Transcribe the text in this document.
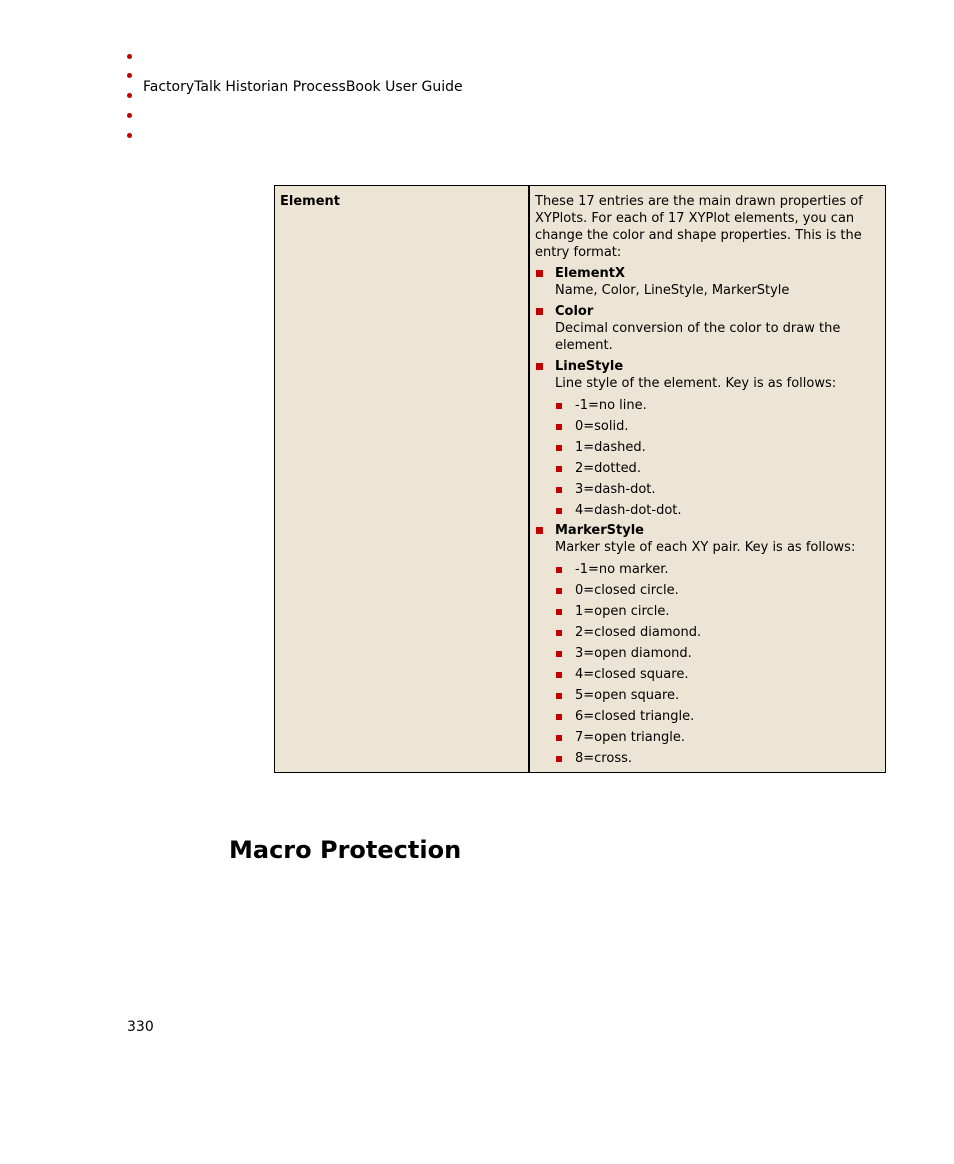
FactoryTalk Historian ProcessBook User Guide
Element	These 17 entries are the main drawn properties of XYPlots. For each of 17 XYPlot elements, you can change the color and shape properties. This is the entry format:
ElementX
Name, Color, LineStyle, MarkerStyle
Color
Decimal conversion of the color to draw the element.
LineStyle
Line style of the element. Key is as follows:
-1=no line.
0=solid.
1=dashed.
2=dotted.
3=dash-dot.
4=dash-dot-dot.
MarkerStyle
Marker style of each XY pair. Key is as follows:
-1=no marker.
0=closed circle.
1=open circle.
2=closed diamond.
3=open diamond.
4=closed square.
5=open square.
6=closed triangle.
7=open triangle.
8=cross.
Macro Protection
330
